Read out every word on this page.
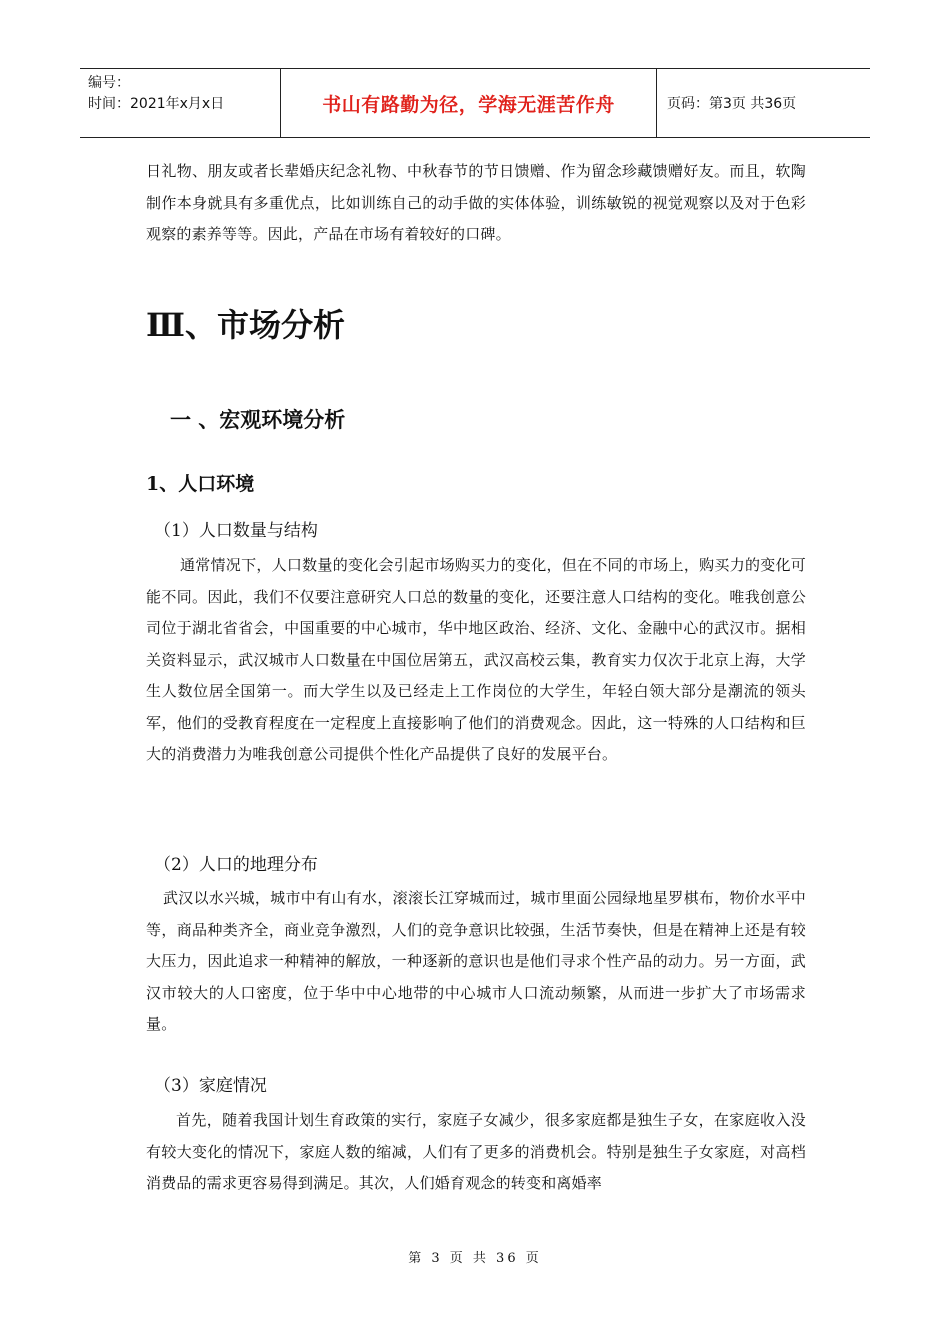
编号：
时间：2021年x月x日	书山有路勤为径，学海无涯苦作舟	页码：第3页 共36页
日礼物、朋友或者长辈婚庆纪念礼物、中秋春节的节日馈赠、作为留念珍藏馈赠好友。而且，软陶制作本身就具有多重优点，比如训练自己的动手做的实体体验，训练敏锐的视觉观察以及对于色彩观察的素养等等。因此，产品在市场有着较好的口碑。
Ⅲ、市场分析
一 、宏观环境分析
1、人口环境
（1）人口数量与结构
通常情况下，人口数量的变化会引起市场购买力的变化，但在不同的市场上，购买力的变化可能不同。因此，我们不仅要注意研究人口总的数量的变化，还要注意人口结构的变化。唯我创意公司位于湖北省省会，中国重要的中心城市，华中地区政治、经济、文化、金融中心的武汉市。据相关资料显示，武汉城市人口数量在中国位居第五，武汉高校云集，教育实力仅次于北京上海，大学生人数位居全国第一。而大学生以及已经走上工作岗位的大学生，年轻白领大部分是潮流的领头军，他们的受教育程度在一定程度上直接影响了他们的消费观念。因此，这一特殊的人口结构和巨大的消费潜力为唯我创意公司提供个性化产品提供了良好的发展平台。
（2）人口的地理分布
武汉以水兴城，城市中有山有水，滚滚长江穿城而过，城市里面公园绿地星罗棋布，物价水平中等，商品种类齐全，商业竞争激烈，人们的竞争意识比较强，生活节奏快，但是在精神上还是有较大压力，因此追求一种精神的解放，一种逐新的意识也是他们寻求个性产品的动力。另一方面，武汉市较大的人口密度，位于华中中心地带的中心城市人口流动频繁，从而进一步扩大了市场需求量。
（3）家庭情况
首先，随着我国计划生育政策的实行，家庭子女减少，很多家庭都是独生子女，在家庭收入没有较大变化的情况下，家庭人数的缩减，人们有了更多的消费机会。特别是独生子女家庭，对高档消费品的需求更容易得到满足。其次，人们婚育观念的转变和离婚率
第 3 页 共 36 页
